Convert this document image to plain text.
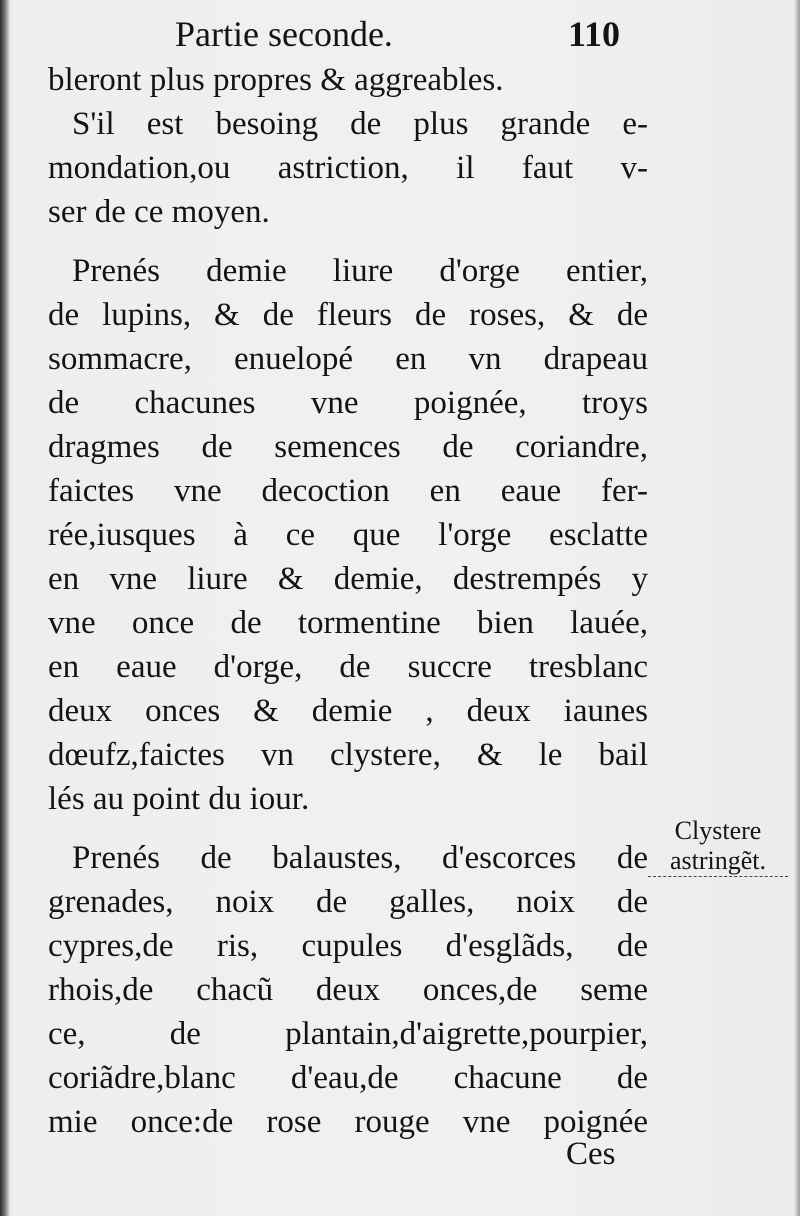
Partie seconde.	110
bleront plus propres & aggreables.
S'il est besoing de plus grande e-
mondation,ou astriction, il faut v-
ser de ce moyen.
Prenés demie liure d'orge entier,
de lupins, & de fleurs de roses, & de
sommacre, enuelopé en vn drapeau
de chacunes vne poignée, troys
dragmes de semences de coriandre,
faictes vne decoction en eaue fer-
rée,iusques à ce que l'orge esclatte
en vne liure & demie, destrempés y
vne once de tormentine bien lauée,
en eaue d'orge, de succre tresblanc
deux onces & demie , deux iaunes
dœufz,faictes vn clystere, & le bail
lés au point du iour.
Prenés de balaustes, d'escorces de
grenades, noix de galles, noix de
cypres,de ris, cupules d'esglãds, de
rhois,de chacũ deux onces,de seme
ce, de plantain,d'aigrette,pourpier,
coriãdre,blanc d'eau,de chacune de
mie once:de rose rouge vne poignée
Clystere
astringẽt.
Ces
